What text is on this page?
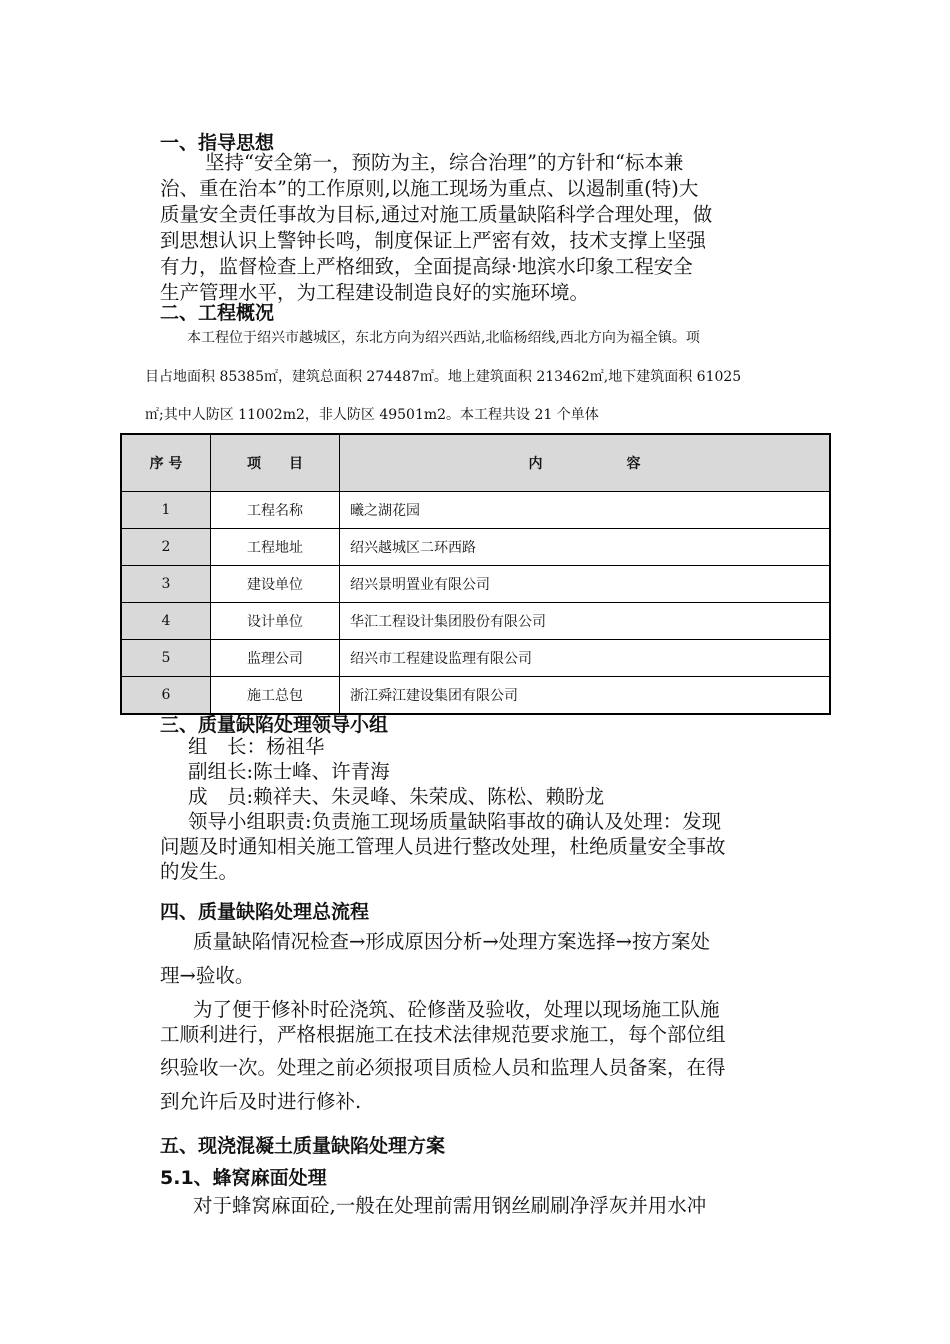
一、指导思想
坚持“安全第一，预防为主，综合治理”的方针和“标本兼
治、重在治本”的工作原则,以施工现场为重点、以遏制重(特)大
质量安全责任事故为目标,通过对施工质量缺陷科学合理处理，做
到思想认识上警钟长鸣，制度保证上严密有效，技术支撑上坚强
有力，监督检查上严格细致，全面提高绿·地滨水印象工程安全
生产管理水平，为工程建设制造良好的实施环境。
二、工程概况
本工程位于绍兴市越城区，东北方向为绍兴西站,北临杨绍线,西北方向为福全镇。项
目占地面积 85385㎡，建筑总面积 274487㎡。地上建筑面积 213462㎡,地下建筑面积 61025
㎡;其中人防区 11002m2，非人防区 49501m2。本工程共设 21 个单体
序 号	项　　目	内　　　　　　容
1	工程名称	曦之湖花园
2	工程地址	绍兴越城区二环西路
3	建设单位	绍兴景明置业有限公司
4	设计单位	华汇工程设计集团股份有限公司
5	监理公司	绍兴市工程建设监理有限公司
6	施工总包	浙江舜江建设集团有限公司
三、质量缺陷处理领导小组
组　长：杨祖华
副组长:陈士峰、许青海
成　员:赖祥夫、朱灵峰、朱荣成、陈松、赖盼龙
领导小组职责:负责施工现场质量缺陷事故的确认及处理：发现
问题及时通知相关施工管理人员进行整改处理，杜绝质量安全事故
的发生。
四、质量缺陷处理总流程
质量缺陷情况检查→形成原因分析→处理方案选择→按方案处
理→验收。
为了便于修补时砼浇筑、砼修凿及验收，处理以现场施工队施
工顺利进行，严格根据施工在技术法律规范要求施工，每个部位组
织验收一次。处理之前必须报项目质检人员和监理人员备案，在得
到允许后及时进行修补.
五、现浇混凝土质量缺陷处理方案
5.1、蜂窝麻面处理
对于蜂窝麻面砼,一般在处理前需用钢丝刷刷净浮灰并用水冲
